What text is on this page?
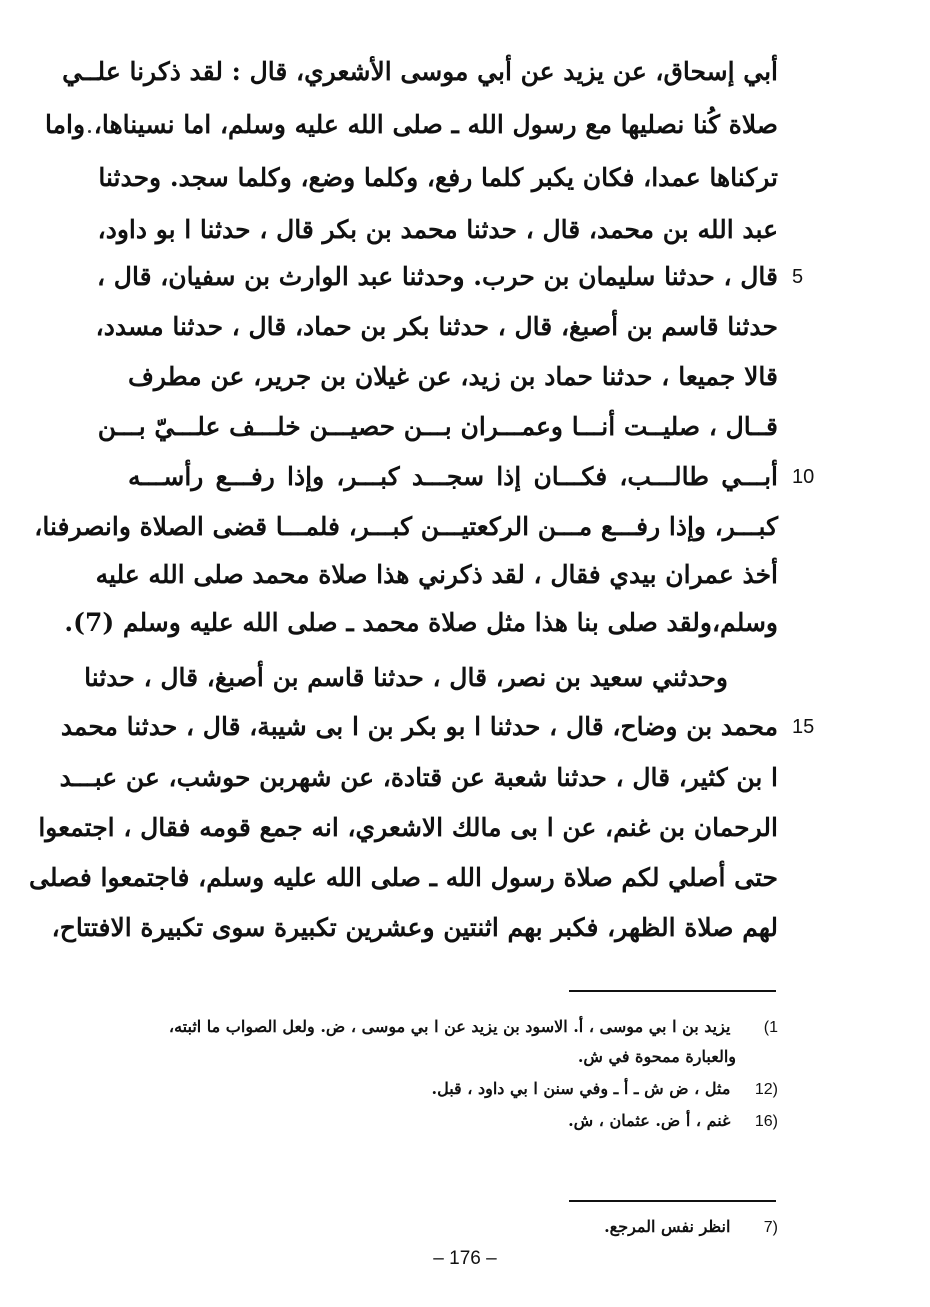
أبي إسحاق، عن يزيد عن أبي موسى الأشعري، قال : لقد ذكرنا علــي
صلاة كُنا نصليها مع رسول الله ـ صلى الله عليه وسلم، اما نسيناها، واما
تركناها عمدا، فكان يكبر كلما رفع، وكلما وضع، وكلما سجد. وحدثنا
عبد الله بن محمد، قال ، حدثنا محمد بن بكر قال ، حدثنا ا بو داود،
قال ، حدثنا سليمان بن حرب. وحدثنا عبد الوارث بن سفيان، قال ، 5
حدثنا قاسم بن أصبغ، قال ، حدثنا بكر بن حماد، قال ، حدثنا مسدد،
قالا جميعا ، حدثنا حماد بن زيد، عن غيلان بن جرير، عن مطرف
قــال ، صليــت أنـــا وعمـــران بـــن حصيـــن خلـــف علـــيّ بـــن
أبـــي طالـــب، فكـــان إذا سجـــد كبـــر، وإذا رفـــع رأســـه 10
كبـــر، وإذا رفـــع مـــن الركعتيـــن كبـــر، فلمـــا قضى الصلاة وانصرفنا،
أخذ عمران بيدي فقال ، لقد ذكرني هذا صلاة محمد صلى الله عليه
وسلم،ولقد صلى بنا هذا مثل صلاة محمد ـ صلى الله عليه وسلم (7).
وحدثني سعيد بن نصر، قال ، حدثنا قاسم بن أصبغ، قال ، حدثنا
محمد بن وضاح، قال ، حدثنا ا بو بكر بن ا بى شيبة، قال ، حدثنا محمد 15
ا بن كثير، قال ، حدثنا شعبة عن قتادة، عن شهربن حوشب، عن عبـــد
الرحمان بن غنم، عن ا بى مالك الاشعري، انه جمع قومه فقال ، اجتمعوا
حتى أصلي لكم صلاة رسول الله ـ صلى الله عليه وسلم، فاجتمعوا فصلى
لهم صلاة الظهر، فكبر بهم اثنتين وعشرين تكبيرة سوى تكبيرة الافتتاح،
(1 يزيد بن ا بي موسى ، أ. الاسود بن يزيد عن ا بي موسى ، ض. ولعل الصواب ما اثبته،
والعبارة ممحوة في ش.
12) مثل ، ض ش ـ أ ـ وفي سنن ا بي داود ، قبل.
16) غنم ، أ ض. عثمان ، ش.
7) انظر نفس المرجع.
– 176 –
